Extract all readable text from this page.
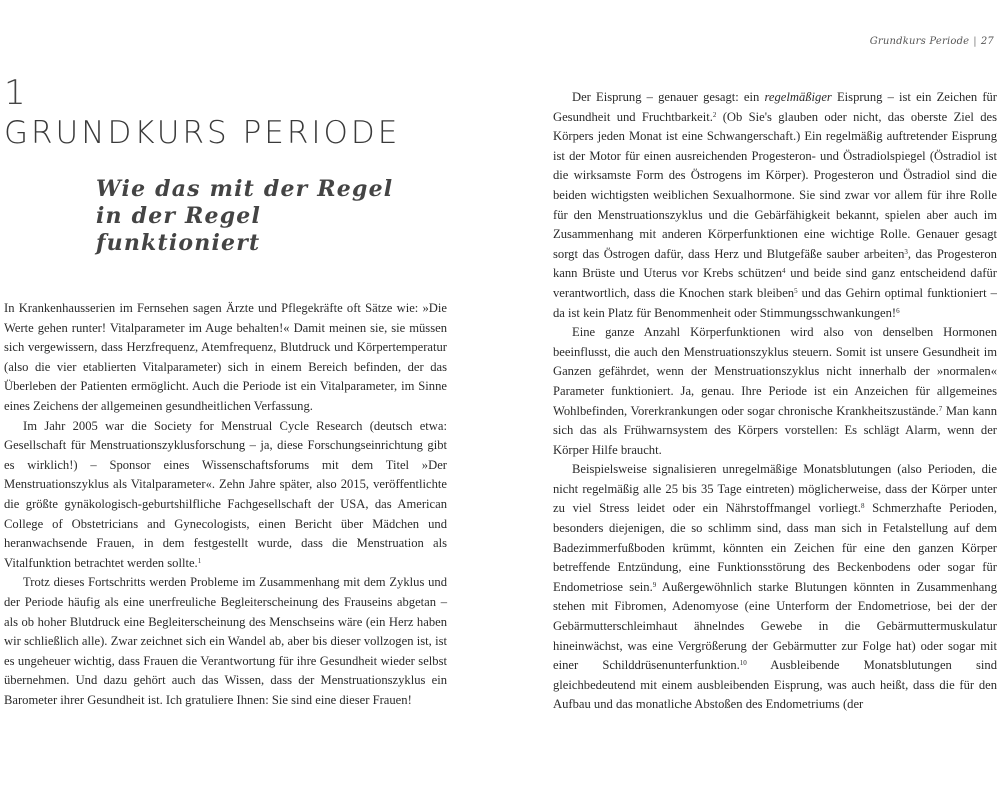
1
GRUNDKURS PERIODE
Wie das mit der Regel

in der Regel funktioniert

In Krankenhausserien im Fernsehen sagen Ärzte und Pflegekräfte oft Sätze wie: »Die Werte gehen runter! Vitalparameter im Auge behalten!« Damit meinen sie, sie müssen sich vergewissern, dass Herzfrequenz, Atemfrequenz, Blutdruck und Körpertemperatur (also die vier etablierten Vitalparameter) sich in einem Bereich befinden, der das Überleben der Patienten ermöglicht. Auch die Periode ist ein Vitalparameter, im Sinne eines Zeichens der allgemeinen gesundheitlichen Verfassung.

Im Jahr 2005 war die Society for Menstrual Cycle Research (deutsch etwa: Gesellschaft für Menstruationszyklusforschung – ja, diese Forschungseinrichtung gibt es wirklich!) – Sponsor eines Wissenschaftsforums mit dem Titel »Der Menstruationszyklus als Vitalparameter«. Zehn Jahre später, also 2015, veröffentlichte die größte gynäkologisch-geburtshilfliche Fachgesellschaft der USA, das American College of Obstetricians and Gynecologists, einen Bericht über Mädchen und heranwachsende Frauen, in dem festgestellt wurde, dass die Menstruation als Vitalfunktion betrachtet werden sollte.$^1$

Trotz dieses Fortschritts werden Probleme im Zusammenhang mit dem Zyklus und der Periode häufig als eine unerfreuliche Begleiterscheinung des Frauseins abgetan – als ob hoher Blutdruck eine Begleiterscheinung des Menschseins wäre (ein Herz haben wir schließlich alle). Zwar zeichnet sich ein Wandel ab, aber bis dieser vollzogen ist, ist es ungeheuer wichtig, dass Frauen die Verantwortung für ihre Gesundheit wieder selbst übernehmen. Und dazu gehört auch das Wissen, dass der Menstruationszyklus ein Barometer ihrer Gesundheit ist. Ich gratuliere Ihnen: Sie sind eine dieser Frauen!

Grundkurs Periode | 27

Der Eisprung – genauer gesagt: ein regelmäßiger Eisprung – ist ein Zeichen für Gesundheit und Fruchtbarkeit.$^2$ (Ob Sie's glauben oder nicht, das oberste Ziel des Körpers jeden Monat ist eine Schwangerschaft.) Ein regelmäßig auftretender Eisprung ist der Motor für einen ausreichenden Progesteron- und Östradiolspiegel (Östradiol ist die wirksamste Form des Östrogens im Körper). Progesteron und Östradiol sind die beiden wichtigsten weiblichen Sexualhormone. Sie sind zwar vor allem für ihre Rolle für den Menstruationszyklus und die Gebärfähigkeit bekannt, spielen aber auch im Zusammenhang mit anderen Körperfunktionen eine wichtige Rolle. Genauer gesagt sorgt das Östrogen dafür, dass Herz und Blutgefäße sauber arbeiten$^3$, das Progesteron kann Brüste und Uterus vor Krebs schützen$^4$ und beide sind ganz entscheidend dafür verantwortlich, dass die Knochen stark bleiben$^5$ und das Gehirn optimal funktioniert – da ist kein Platz für Benommenheit oder Stimmungsschwankungen!$^6$

Eine ganze Anzahl Körperfunktionen wird also von denselben Hormonen beeinflusst, die auch den Menstruationszyklus steuern. Somit ist unsere Gesundheit im Ganzen gefährdet, wenn der Menstruationszyklus nicht innerhalb der »normalen« Parameter funktioniert. Ja, genau. Ihre Periode ist ein Anzeichen für allgemeines Wohlbefinden, Vorerkrankungen oder sogar chronische Krankheitszustände.$^7$ Man kann sich das als Frühwarnsystem des Körpers vorstellen: Es schlägt Alarm, wenn der Körper Hilfe braucht.

Beispielsweise signalisieren unregelmäßige Monatsblutungen (also Perioden, die nicht regelmäßig alle 25 bis 35 Tage eintreten) möglicherweise, dass der Körper unter zu viel Stress leidet oder ein Nährstoffmangel vorliegt.$^8$ Schmerzhafte Perioden, besonders diejenigen, die so schlimm sind, dass man sich in Fetalstellung auf dem Badezimmerfußboden krümmt, könnten ein Zeichen für eine den ganzen Körper betreffende Entzündung, eine Funktionsstörung des Beckenbodens oder sogar für Endometriose sein.$^9$ Außergewöhnlich starke Blutungen könnten in Zusammenhang stehen mit Fibromen, Adenomyose (eine Unterform der Endometriose, bei der der Gebärmutterschleimhaut ähnelndes Gewebe in die Gebärmuttermuskulatur hineinwächst, was eine Vergrößerung der Gebärmutter zur Folge hat) oder sogar mit einer Schilddrüsenunterfunktion.$^{10}$ Ausbleibende Monatsblutungen sind gleichbedeutend mit einem ausbleibenden Eisprung, was auch heißt, dass die für den Aufbau und das monatliche Abstoßen des Endometriums (der
